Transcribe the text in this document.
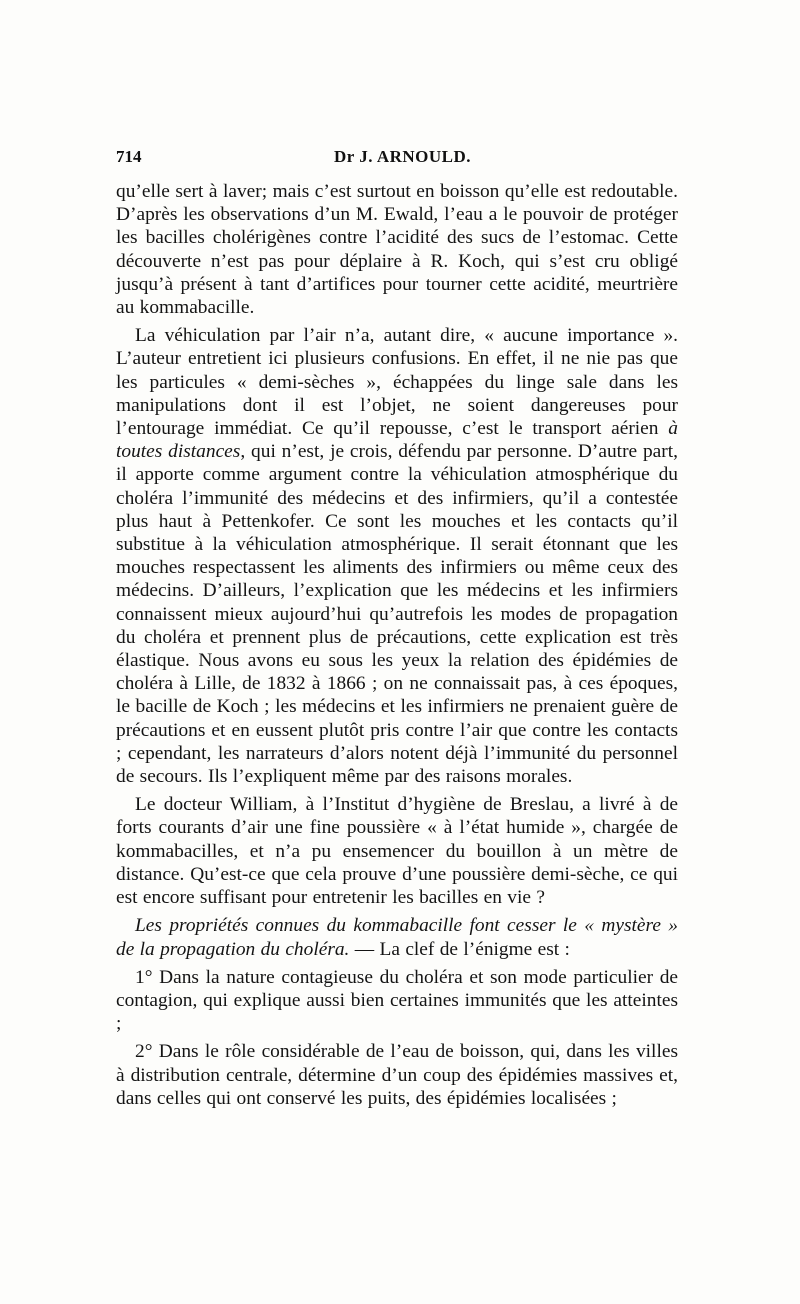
714	Dr J. ARNOULD.

qu’elle sert à laver; mais c’est surtout en boisson qu’elle est redoutable. D’après les observations d’un M. Ewald, l’eau a le pouvoir de protéger les bacilles cholérigènes contre l’acidité des sucs de l’estomac. Cette découverte n’est pas pour déplaire à R. Koch, qui s’est cru obligé jusqu’à présent à tant d’artifices pour tourner cette acidité, meurtrière au kommabacille.

La véhiculation par l’air n’a, autant dire, « aucune importance ». L’auteur entretient ici plusieurs confusions. En effet, il ne nie pas que les particules « demi-sèches », échappées du linge sale dans les manipulations dont il est l’objet, ne soient dangereuses pour l’entourage immédiat. Ce qu’il repousse, c’est le transport aérien à toutes distances, qui n’est, je crois, défendu par personne. D’autre part, il apporte comme argument contre la véhiculation atmosphérique du choléra l’immunité des médecins et des infirmiers, qu’il a contestée plus haut à Pettenkofer. Ce sont les mouches et les contacts qu’il substitue à la véhiculation atmosphérique. Il serait étonnant que les mouches respectassent les aliments des infirmiers ou même ceux des médecins. D’ailleurs, l’explication que les médecins et les infirmiers connaissent mieux aujourd’hui qu’autrefois les modes de propagation du choléra et prennent plus de précautions, cette explication est très élastique. Nous avons eu sous les yeux la relation des épidémies de choléra à Lille, de 1832 à 1866 ; on ne connaissait pas, à ces époques, le bacille de Koch ; les médecins et les infirmiers ne prenaient guère de précautions et en eussent plutôt pris contre l’air que contre les contacts ; cependant, les narrateurs d’alors notent déjà l’immunité du personnel de secours. Ils l’expliquent même par des raisons morales.

Le docteur William, à l’Institut d’hygiène de Breslau, a livré à de forts courants d’air une fine poussière « à l’état humide », chargée de kommabacilles, et n’a pu ensemencer du bouillon à un mètre de distance. Qu’est-ce que cela prouve d’une poussière demi-sèche, ce qui est encore suffisant pour entretenir les bacilles en vie ?

Les propriétés connues du kommabacille font cesser le « mystère » de la propagation du choléra. — La clef de l’énigme est :

1° Dans la nature contagieuse du choléra et son mode particulier de contagion, qui explique aussi bien certaines immunités que les atteintes ;

2° Dans le rôle considérable de l’eau de boisson, qui, dans les villes à distribution centrale, détermine d’un coup des épidémies massives et, dans celles qui ont conservé les puits, des épidémies localisées ;
